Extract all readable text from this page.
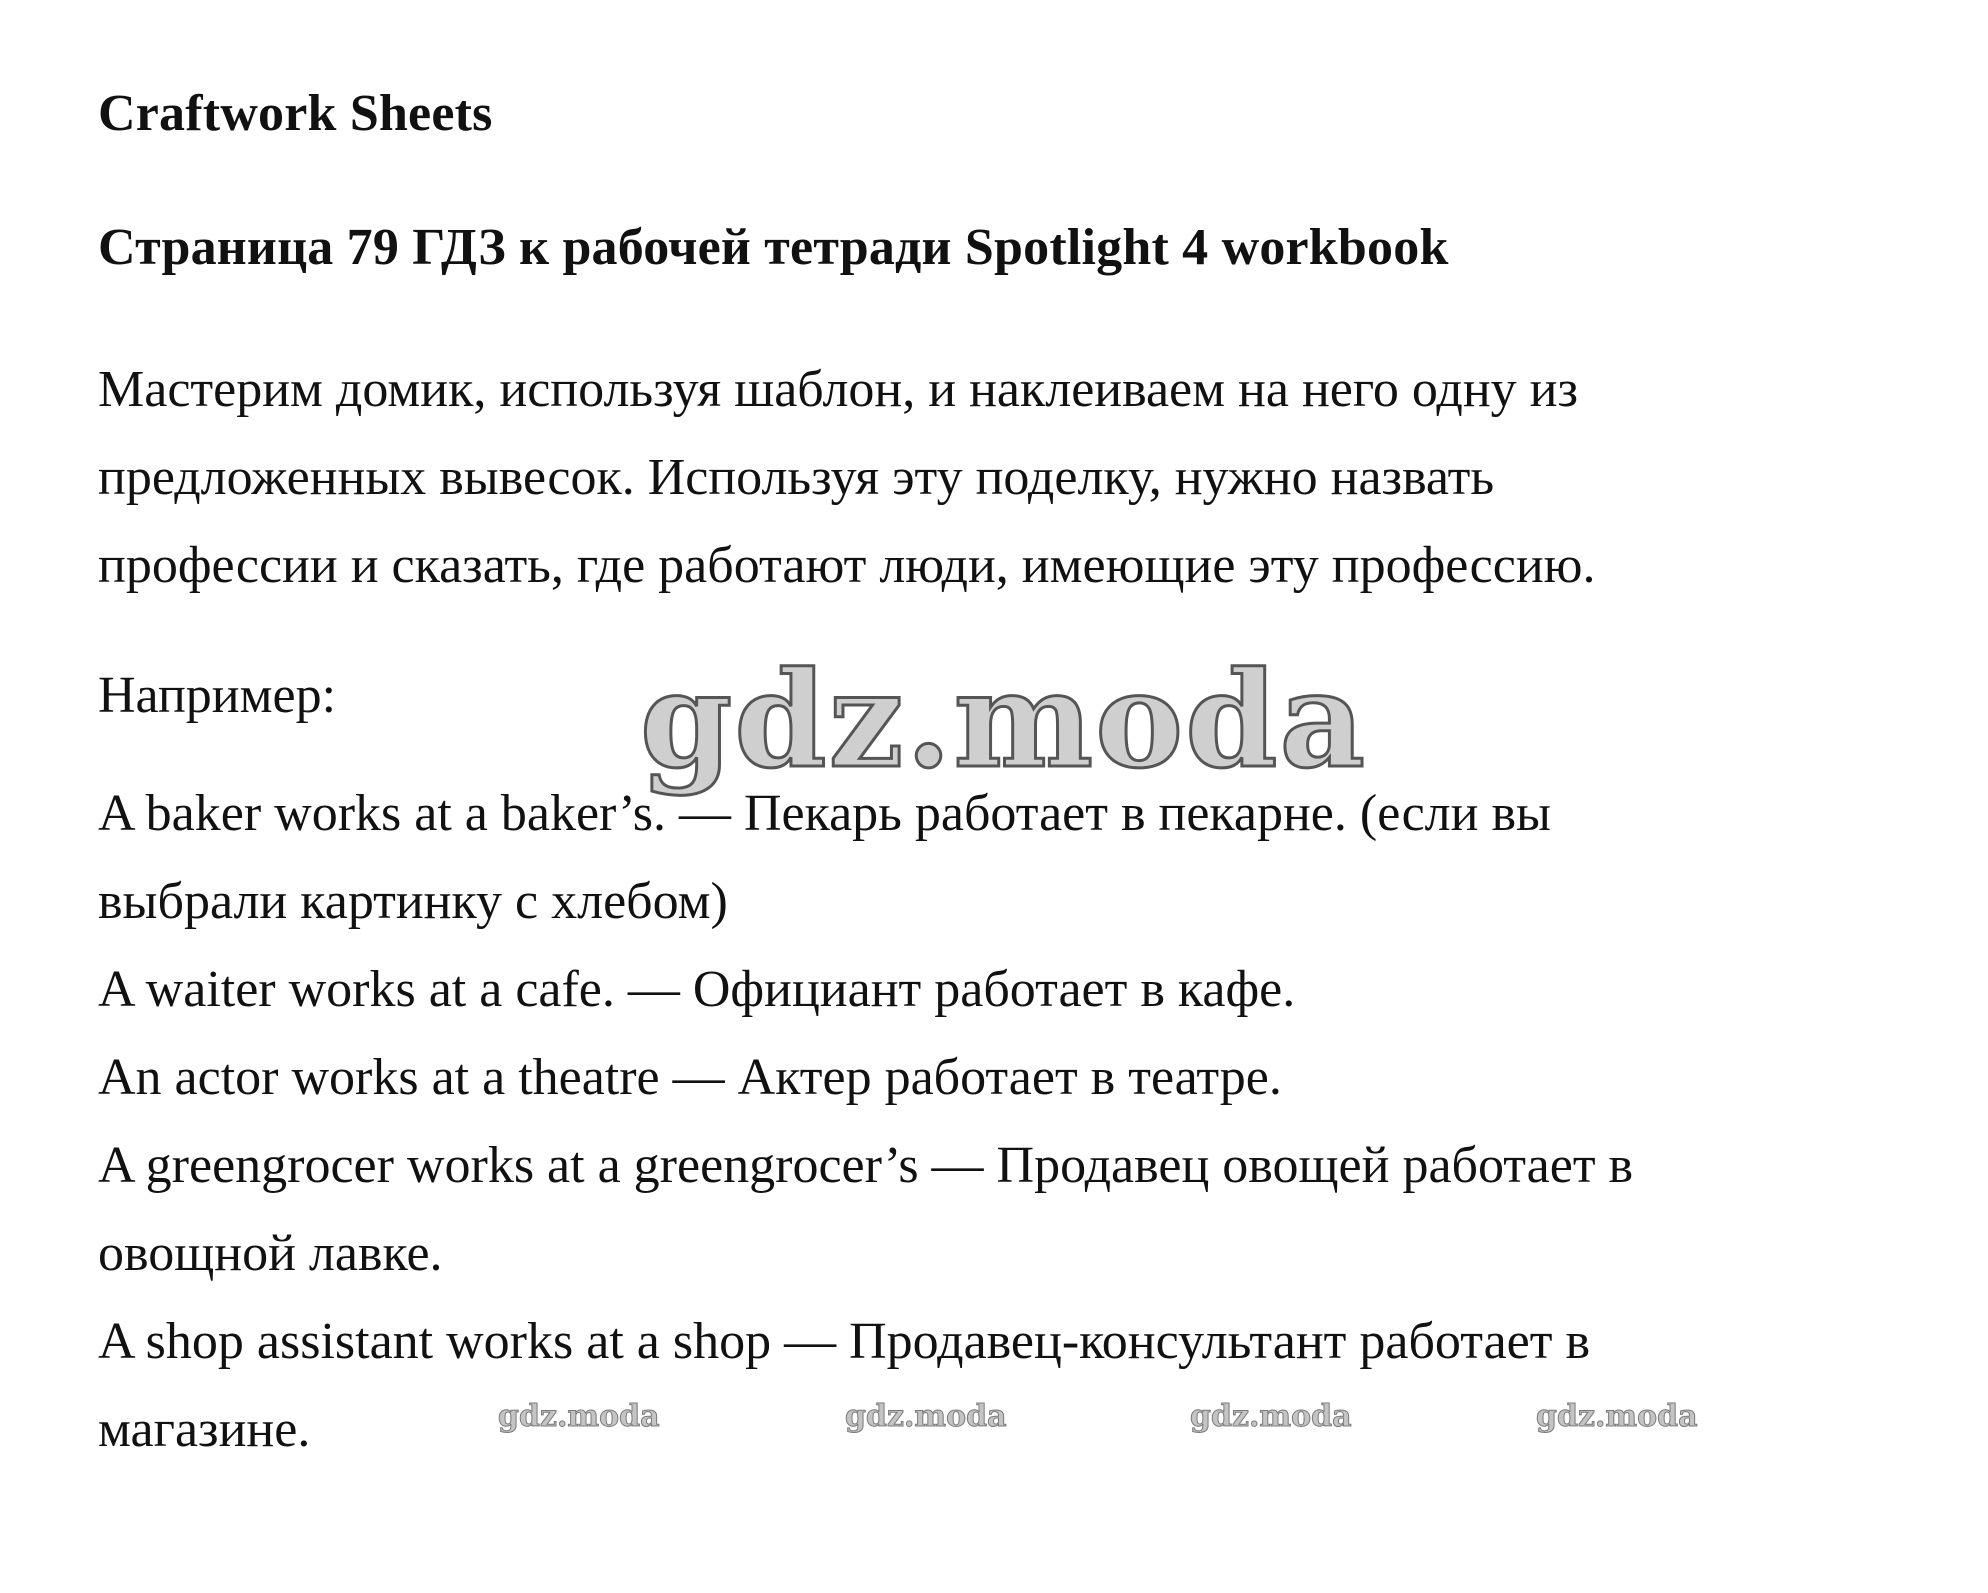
Craftwork Sheets
Страница 79 ГДЗ к рабочей тетради Spotlight 4 workbook

Мастерим домик, используя шаблон, и наклеиваем на него одну из
предложенных вывесок. Используя эту поделку, нужно назвать
профессии и сказать, где работают люди, имеющие эту профессию.

Например:	gdz.moda
A baker works at a baker’s. — Пекарь работает в пекарне. (если вы
выбрали картинку с хлебом)
A waiter works at a cafe. — Официант работает в кафе.
An actor works at a theatre — Актер работает в театре.
A greengrocer works at a greengrocer’s — Продавец овощей работает в
овощной лавке.
A shop assistant works at a shop — Продавец-консультант работает в
магазине.	gdz.moda	gdz.moda	gdz.moda	gdz.moda
